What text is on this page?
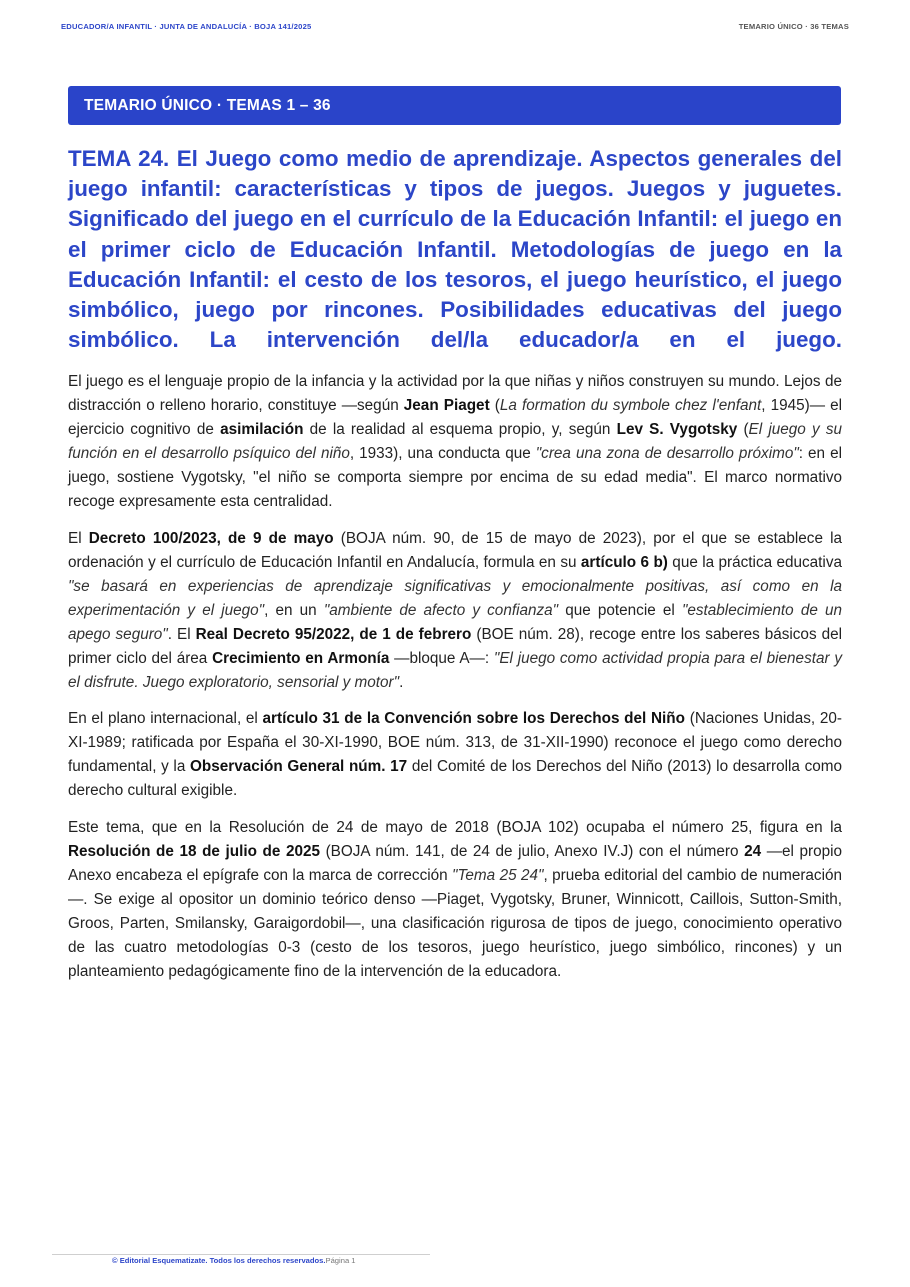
EDUCADOR/A INFANTIL · JUNTA DE ANDALUCÍA · BOJA 141/2025	TEMARIO ÚNICO · 36 TEMAS
TEMARIO ÚNICO · TEMAS 1 – 36
TEMA 24. El Juego como medio de aprendizaje. Aspectos generales del juego infantil: características y tipos de juegos. Juegos y juguetes. Significado del juego en el currículo de la Educación Infantil: el juego en el primer ciclo de Educación Infantil. Metodologías de juego en la Educación Infantil: el cesto de los tesoros, el juego heurístico, el juego simbólico, juego por rincones. Posibilidades educativas del juego simbólico. La intervención del/la educador/a en el juego.

El juego es el lenguaje propio de la infancia y la actividad por la que niñas y niños construyen su mundo. Lejos de distracción o relleno horario, constituye —según Jean Piaget (La formation du symbole chez l'enfant, 1945)— el ejercicio cognitivo de asimilación de la realidad al esquema propio, y, según Lev S. Vygotsky (El juego y su función en el desarrollo psíquico del niño, 1933), una conducta que "crea una zona de desarrollo próximo": en el juego, sostiene Vygotsky, "el niño se comporta siempre por encima de su edad media". El marco normativo recoge expresamente esta centralidad.

El Decreto 100/2023, de 9 de mayo (BOJA núm. 90, de 15 de mayo de 2023), por el que se establece la ordenación y el currículo de Educación Infantil en Andalucía, formula en su artículo 6 b) que la práctica educativa "se basará en experiencias de aprendizaje significativas y emocionalmente positivas, así como en la experimentación y el juego", en un "ambiente de afecto y confianza" que potencie el "establecimiento de un apego seguro". El Real Decreto 95/2022, de 1 de febrero (BOE núm. 28), recoge entre los saberes básicos del primer ciclo del área Crecimiento en Armonía —bloque A—: "El juego como actividad propia para el bienestar y el disfrute. Juego exploratorio, sensorial y motor".

En el plano internacional, el artículo 31 de la Convención sobre los Derechos del Niño (Naciones Unidas, 20-XI-1989; ratificada por España el 30-XI-1990, BOE núm. 313, de 31-XII-1990) reconoce el juego como derecho fundamental, y la Observación General núm. 17 del Comité de los Derechos del Niño (2013) lo desarrolla como derecho cultural exigible.

Este tema, que en la Resolución de 24 de mayo de 2018 (BOJA 102) ocupaba el número 25, figura en la Resolución de 18 de julio de 2025 (BOJA núm. 141, de 24 de julio, Anexo IV.J) con el número 24 —el propio Anexo encabeza el epígrafe con la marca de corrección "Tema 25 24", prueba editorial del cambio de numeración—. Se exige al opositor un dominio teórico denso —Piaget, Vygotsky, Bruner, Winnicott, Caillois, Sutton-Smith, Groos, Parten, Smilansky, Garaigordobil—, una clasificación rigurosa de tipos de juego, conocimiento operativo de las cuatro metodologías 0-3 (cesto de los tesoros, juego heurístico, juego simbólico, rincones) y un planteamiento pedagógicamente fino de la intervención de la educadora.

© Editorial Esquematizate. Todos los derechos reservados.Página 1
